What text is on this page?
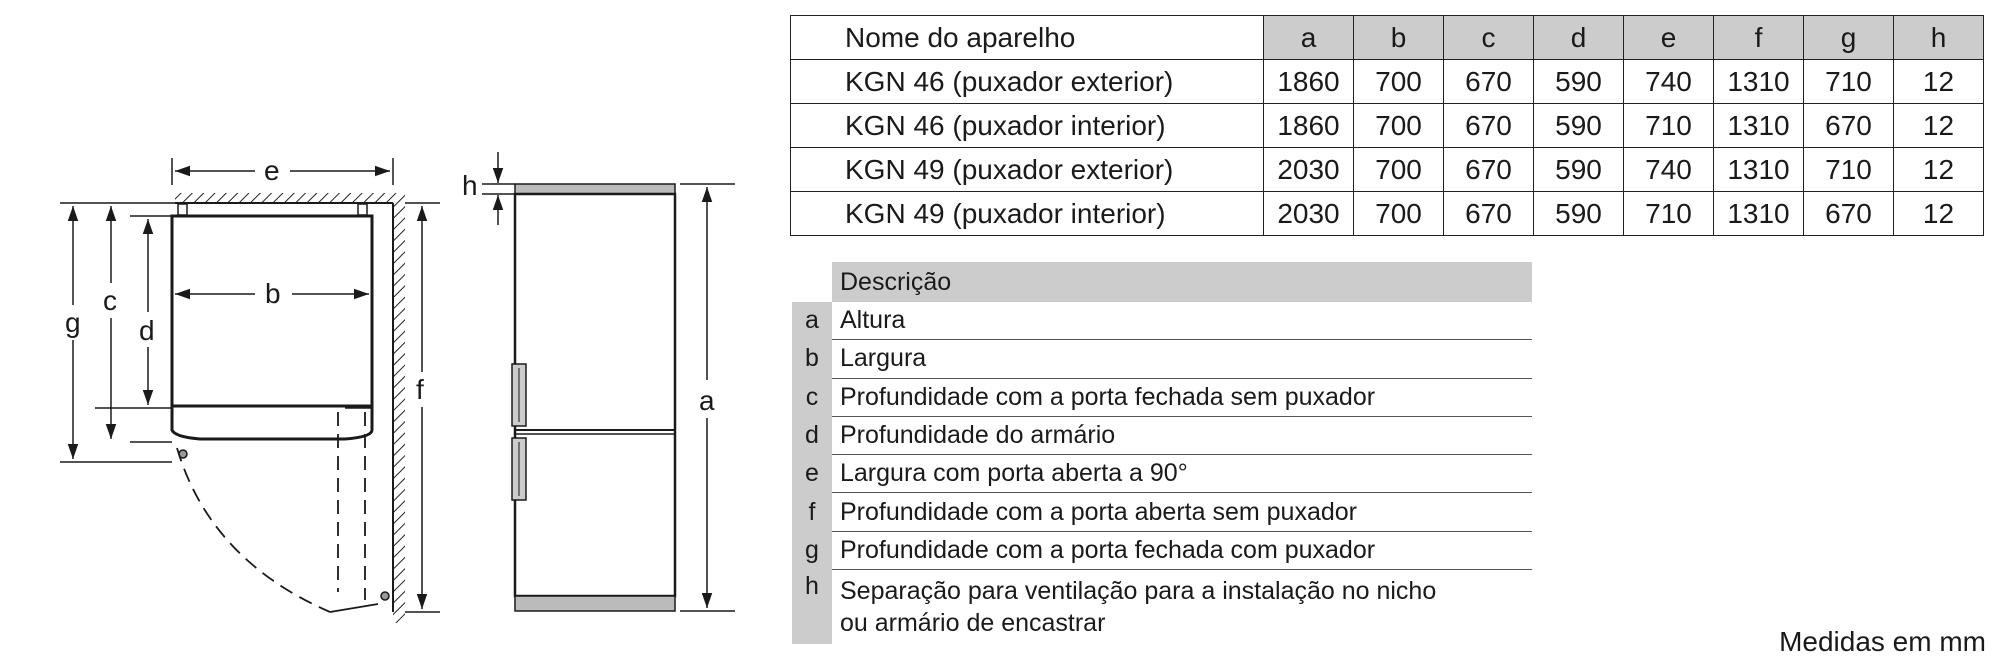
e
b
g
c
d
f
h
a
Nome do aparelho	a	b	c	d	e	f	g	h
KGN 46 (puxador exterior)	1860	700	670	590	740	1310	710	12
KGN 46 (puxador interior)	1860	700	670	590	710	1310	670	12
KGN 49 (puxador exterior)	2030	700	670	590	740	1310	710	12
KGN 49 (puxador interior)	2030	700	670	590	710	1310	670	12
	Descrição
a	Altura
b	Largura
c	Profundidade com a porta fechada sem puxador
d	Profundidade do armário
e	Largura com porta aberta a 90°
f	Profundidade com a porta aberta sem puxador
g	Profundidade com a porta fechada com puxador
h	Separação para ventilação para a instalação no nicho
ou armário de encastrar
Medidas em mm
